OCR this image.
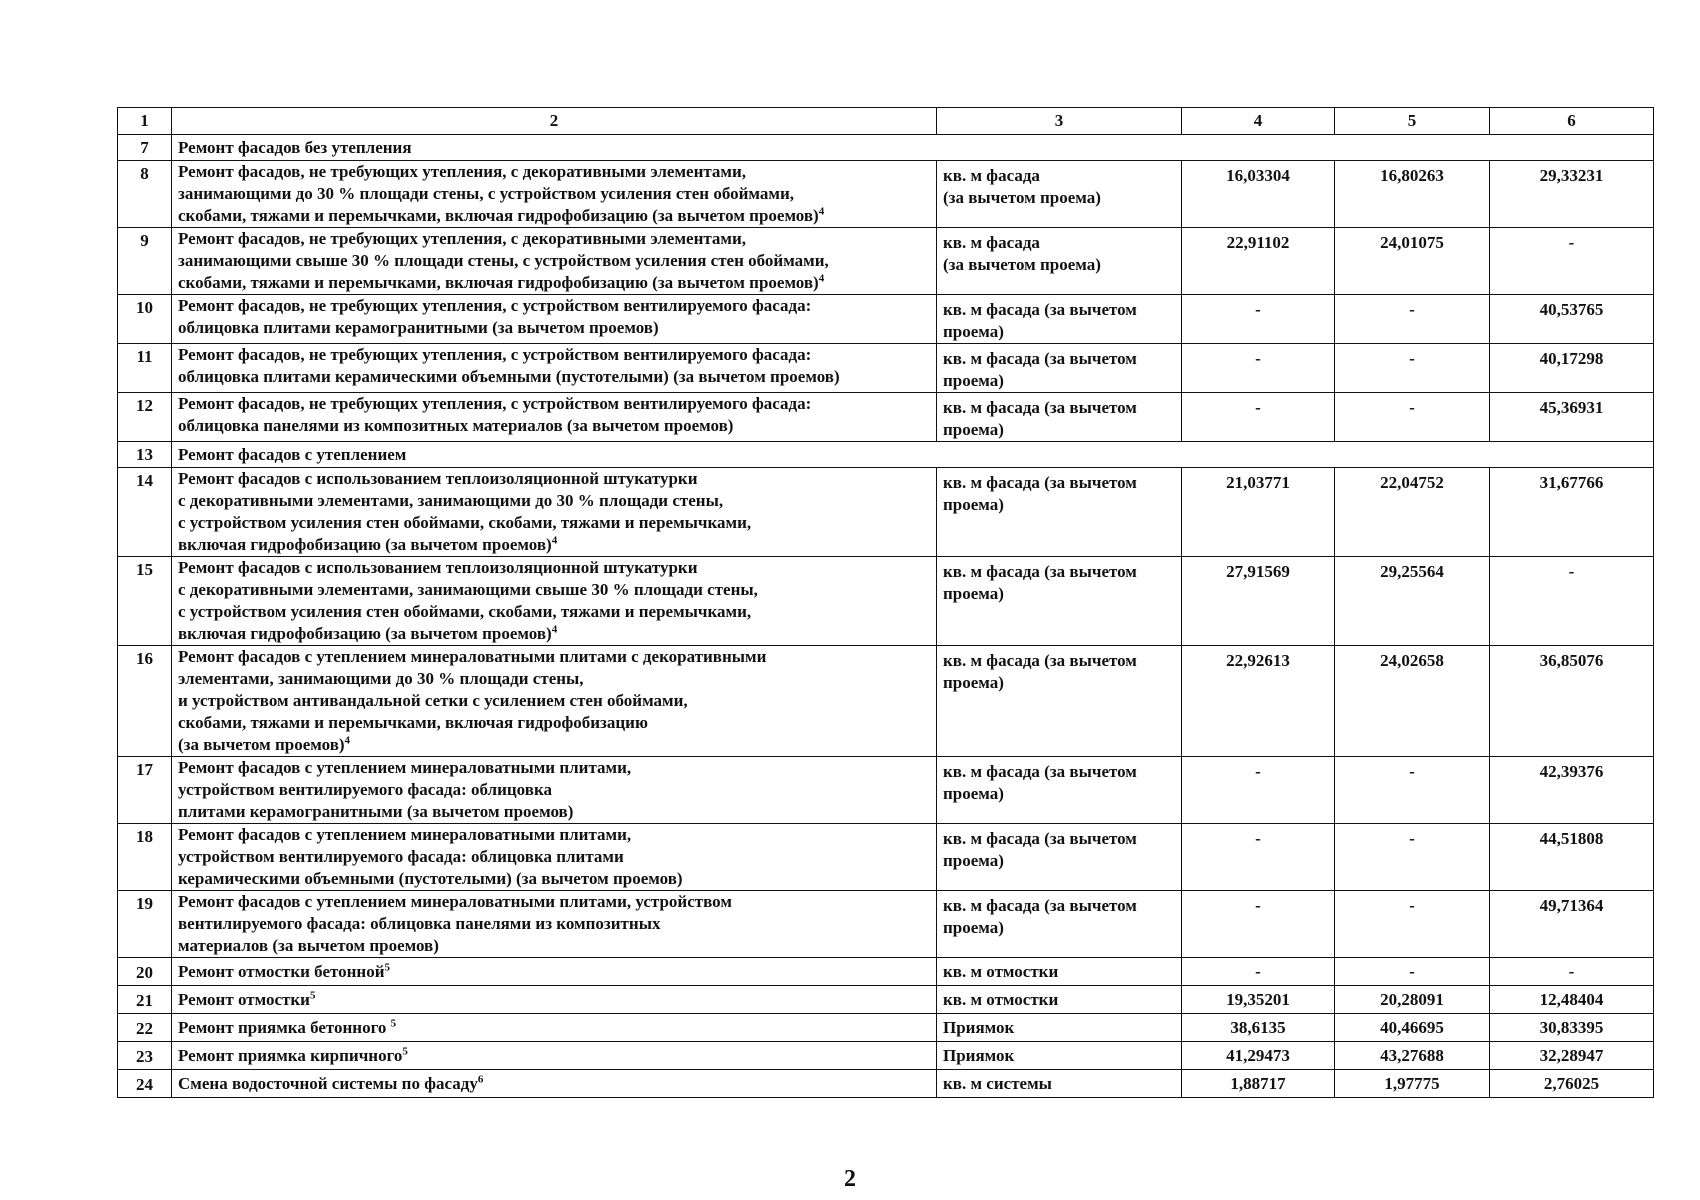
1	2	3	4	5	6
7	Ремонт фасадов без утепления				
8	Ремонт фасадов, не требующих утепления, с декоративными элементами,
занимающими до 30 % площади стены, с устройством усиления стен обоймами,
скобами, тяжами и перемычками, включая гидрофобизацию (за вычетом проемов)$^4$	кв. м фасада
(за вычетом проема)	16,03304	16,80263	29,33231
9	Ремонт фасадов, не требующих утепления, с декоративными элементами,
занимающими свыше 30 % площади стены, с устройством усиления стен обоймами,
скобами, тяжами и перемычками, включая гидрофобизацию (за вычетом проемов)$^4$	кв. м фасада
(за вычетом проема)	22,91102	24,01075	-
10	Ремонт фасадов, не требующих утепления, с устройством вентилируемого фасада:
облицовка плитами керамогранитными (за вычетом проемов)	кв. м фасада (за вычетом
проема)	-	-	40,53765
11	Ремонт фасадов, не требующих утепления, с устройством вентилируемого фасада:
облицовка плитами керамическими объемными (пустотелыми) (за вычетом проемов)	кв. м фасада (за вычетом
проема)	-	-	40,17298
12	Ремонт фасадов, не требующих утепления, с устройством вентилируемого фасада:
облицовка панелями из композитных материалов (за вычетом проемов)	кв. м фасада (за вычетом
проема)	-	-	45,36931
13	Ремонт фасадов с утеплением				
14	Ремонт фасадов с использованием теплоизоляционной штукатурки
с декоративными элементами, занимающими до 30 % площади стены,
с устройством усиления стен обоймами, скобами, тяжами и перемычками,
включая гидрофобизацию (за вычетом проемов)$^4$	кв. м фасада (за вычетом
проема)	21,03771	22,04752	31,67766
15	Ремонт фасадов с использованием теплоизоляционной штукатурки
с декоративными элементами, занимающими свыше 30 % площади стены,
с устройством усиления стен обоймами, скобами, тяжами и перемычками,
включая гидрофобизацию (за вычетом проемов)$^4$	кв. м фасада (за вычетом
проема)	27,91569	29,25564	-
16	Ремонт фасадов с утеплением минераловатными плитами с декоративными
элементами, занимающими до 30 % площади стены,
и устройством антивандальной сетки с усилением стен обоймами,
скобами, тяжами и перемычками, включая гидрофобизацию
(за вычетом проемов)$^4$	кв. м фасада (за вычетом
проема)	22,92613	24,02658	36,85076
17	Ремонт фасадов с утеплением минераловатными плитами,
устройством вентилируемого фасада: облицовка
плитами керамогранитными (за вычетом проемов)	кв. м фасада (за вычетом
проема)	-	-	42,39376
18	Ремонт фасадов с утеплением минераловатными плитами,
устройством вентилируемого фасада: облицовка плитами
керамическими объемными (пустотелыми) (за вычетом проемов)	кв. м фасада (за вычетом
проема)	-	-	44,51808
19	Ремонт фасадов с утеплением минераловатными плитами, устройством
вентилируемого фасада: облицовка панелями из композитных
материалов (за вычетом проемов)	кв. м фасада (за вычетом
проема)	-	-	49,71364
20	Ремонт отмостки бетонной$^5$	кв. м отмостки	-	-	-
21	Ремонт отмостки$^5$	кв. м отмостки	19,35201	20,28091	12,48404
22	Ремонт приямка бетонного $^5$	Приямок	38,6135	40,46695	30,83395
23	Ремонт приямка кирпичного$^5$	Приямок	41,29473	43,27688	32,28947
24	Смена водосточной системы по фасаду$^6$	кв. м системы	1,88717	1,97775	2,76025
2
